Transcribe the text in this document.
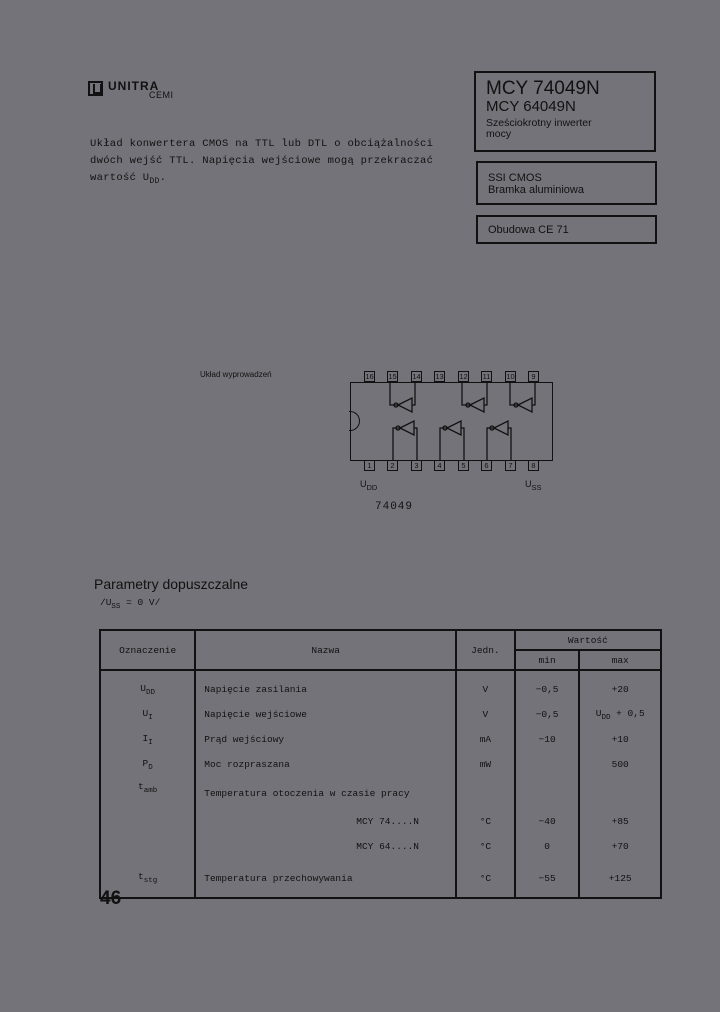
UNITRA
CEMI
Układ konwertera CMOS na TTL lub DTL o obciążalności
dwóch wejść TTL. Napięcia wejściowe mogą przekraczać
wartość $U_{DD}$.
MCY 74049N
MCY 64049N
Sześciokrotny inwerter
mocy
SSI CMOS
Bramka aluminiowa
Obudowa CE 71
Układ wyprowadzeń	16 15 14 13 12 11 10	9
1	2	3	4	5	6	7	8
$U_{DD}$	$U_{SS}$
74049
Parametry dopuszczalne
$/U_{SS} = 0$ V/
Oznaczenie	Nazwa	Jedn.	Wartość	
			min	max
$U_{DD}$	Napięcie zasilania	V	−0,5	+20
$U_I$	Napięcie wejściowe	V	−0,5	$U_{DD} + 0,5$
$I_I$	Prąd wejściowy	mA	−10	+10
$P_D$	Moc rozpraszana	mW		500
$t_{amb}$	Temperatura otoczenia w czasie pracy			
	MCY 74....N	°C	−40	+85
	MCY 64....N	°C	0	+70
$t_{stg}$	Temperatura przechowywania	°C	−55	+125
46
